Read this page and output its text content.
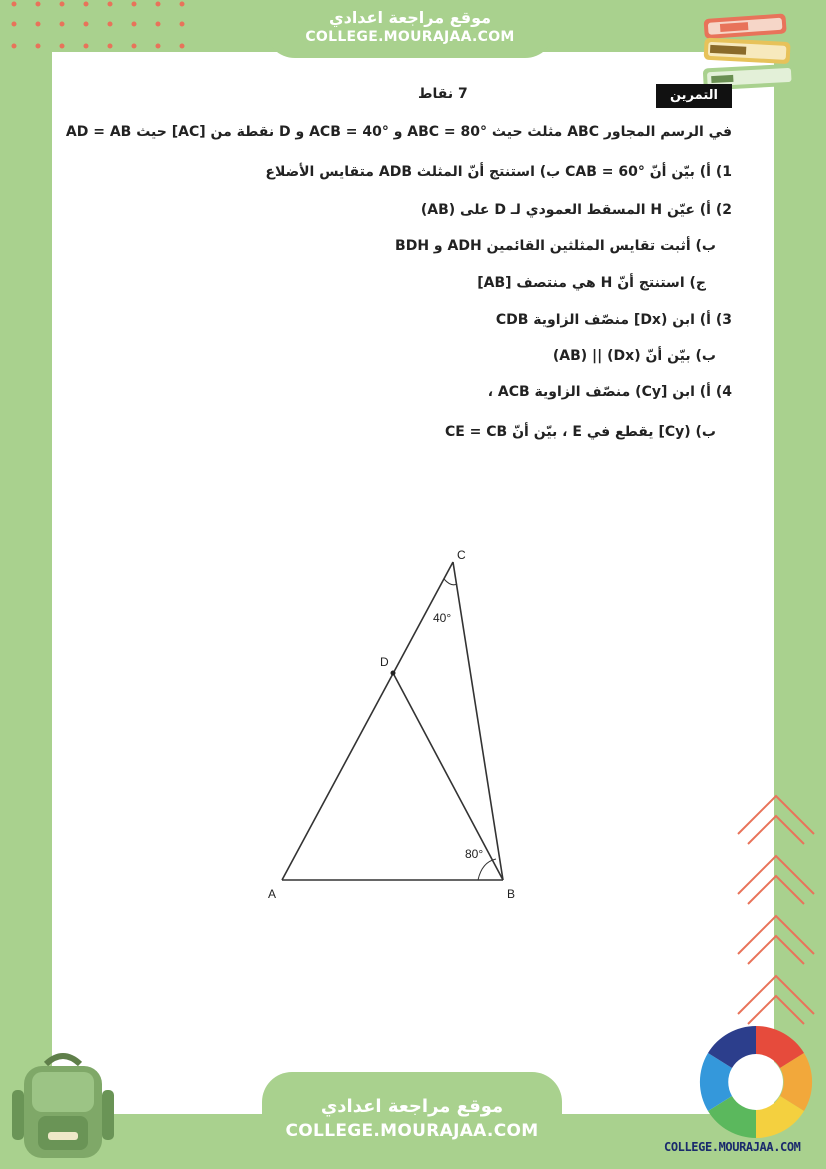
موقع مراجعة اعدادي
COLLEGE.MOURAJAA.COM
التمرين الرابع
7 نقاط
في الرسم المجاور ABC مثلث حيث ABC = 80° و ACB = 40° و D نقطة من [AC] حيث AD = AB
1) أ) بيّن أنّ CAB = 60° ب) استنتج أنّ المثلث ADB متقايس الأضلاع
2) أ) عيّن H المسقط العمودي لـ D على (AB)
ب) أثبت تقايس المثلثين القائمين ADH و BDH
ج) استنتج أنّ H هي منتصف [AB]
3) أ) ابن (Dx] منصّف الزاوية CDB
ب) بيّن أنّ (Dx) || (AB)
4) أ) ابن [Cy) منصّف الزاوية ACB ،
ب) (Cy] يقطع في E ، بيّن أنّ CE = CB
C
D
A	B
40°
80°
موقع مراجعة اعدادي
COLLEGE.MOURAJAA.COM
COLLEGE.MOURAJAA.COM
